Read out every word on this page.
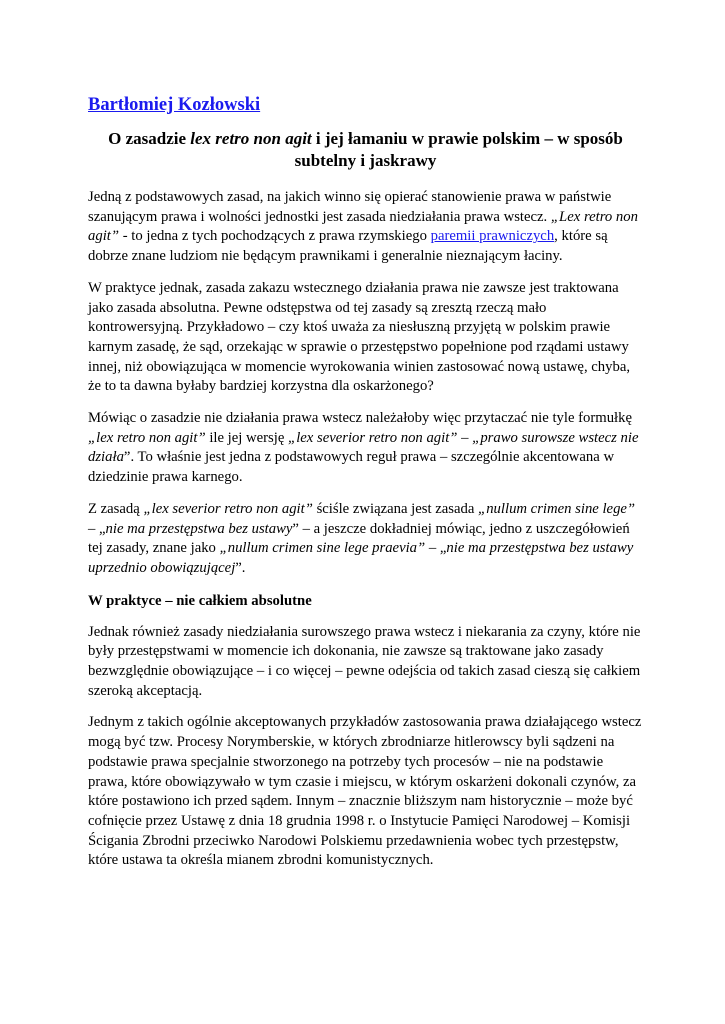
Bartłomiej Kozłowski

O zasadzie lex retro non agit i jej łamaniu w prawie polskim – w sposób
subtelny i jaskrawy

Jedną z podstawowych zasad, na jakich winno się opierać stanowienie prawa w państwie
szanującym prawa i wolności jednostki jest zasada niedziałania prawa wstecz. „Lex retro non
agit” - to jedna z tych pochodzących z prawa rzymskiego paremii prawniczych, które są
dobrze znane ludziom nie będącym prawnikami i generalnie nieznającym łaciny.

W praktyce jednak, zasada zakazu wstecznego działania prawa nie zawsze jest traktowana
jako zasada absolutna. Pewne odstępstwa od tej zasady są zresztą rzeczą mało
kontrowersyjną. Przykładowo – czy ktoś uważa za niesłuszną przyjętą w polskim prawie
karnym zasadę, że sąd, orzekając w sprawie o przestępstwo popełnione pod rządami ustawy
innej, niż obowiązująca w momencie wyrokowania winien zastosować nową ustawę, chyba,
że to ta dawna byłaby bardziej korzystna dla oskarżonego?

Mówiąc o zasadzie nie działania prawa wstecz należałoby więc przytaczać nie tyle formułkę
„lex retro non agit” ile jej wersję „lex severior retro non agit” – „prawo surowsze wstecz nie
działa”. To właśnie jest jedna z podstawowych reguł prawa – szczególnie akcentowana w
dziedzinie prawa karnego.

Z zasadą „lex severior retro non agit” ściśle związana jest zasada „nullum crimen sine lege”
– „nie ma przestępstwa bez ustawy” – a jeszcze dokładniej mówiąc, jedno z uszczegółowień
tej zasady, znane jako „nullum crimen sine lege praevia” – „nie ma przestępstwa bez ustawy
uprzednio obowiązującej”.

W praktyce – nie całkiem absolutne

Jednak również zasady niedziałania surowszego prawa wstecz i niekarania za czyny, które nie
były przestępstwami w momencie ich dokonania, nie zawsze są traktowane jako zasady
bezwzględnie obowiązujące – i co więcej – pewne odejścia od takich zasad cieszą się całkiem
szeroką akceptacją.

Jednym z takich ogólnie akceptowanych przykładów zastosowania prawa działającego wstecz
mogą być tzw. Procesy Norymberskie, w których zbrodniarze hitlerowscy byli sądzeni na
podstawie prawa specjalnie stworzonego na potrzeby tych procesów – nie na podstawie
prawa, które obowiązywało w tym czasie i miejscu, w którym oskarżeni dokonali czynów, za
które postawiono ich przed sądem. Innym – znacznie bliższym nam historycznie – może być
cofnięcie przez Ustawę z dnia 18 grudnia 1998 r. o Instytucie Pamięci Narodowej – Komisji
Ścigania Zbrodni przeciwko Narodowi Polskiemu przedawnienia wobec tych przestępstw,
które ustawa ta określa mianem zbrodni komunistycznych.
